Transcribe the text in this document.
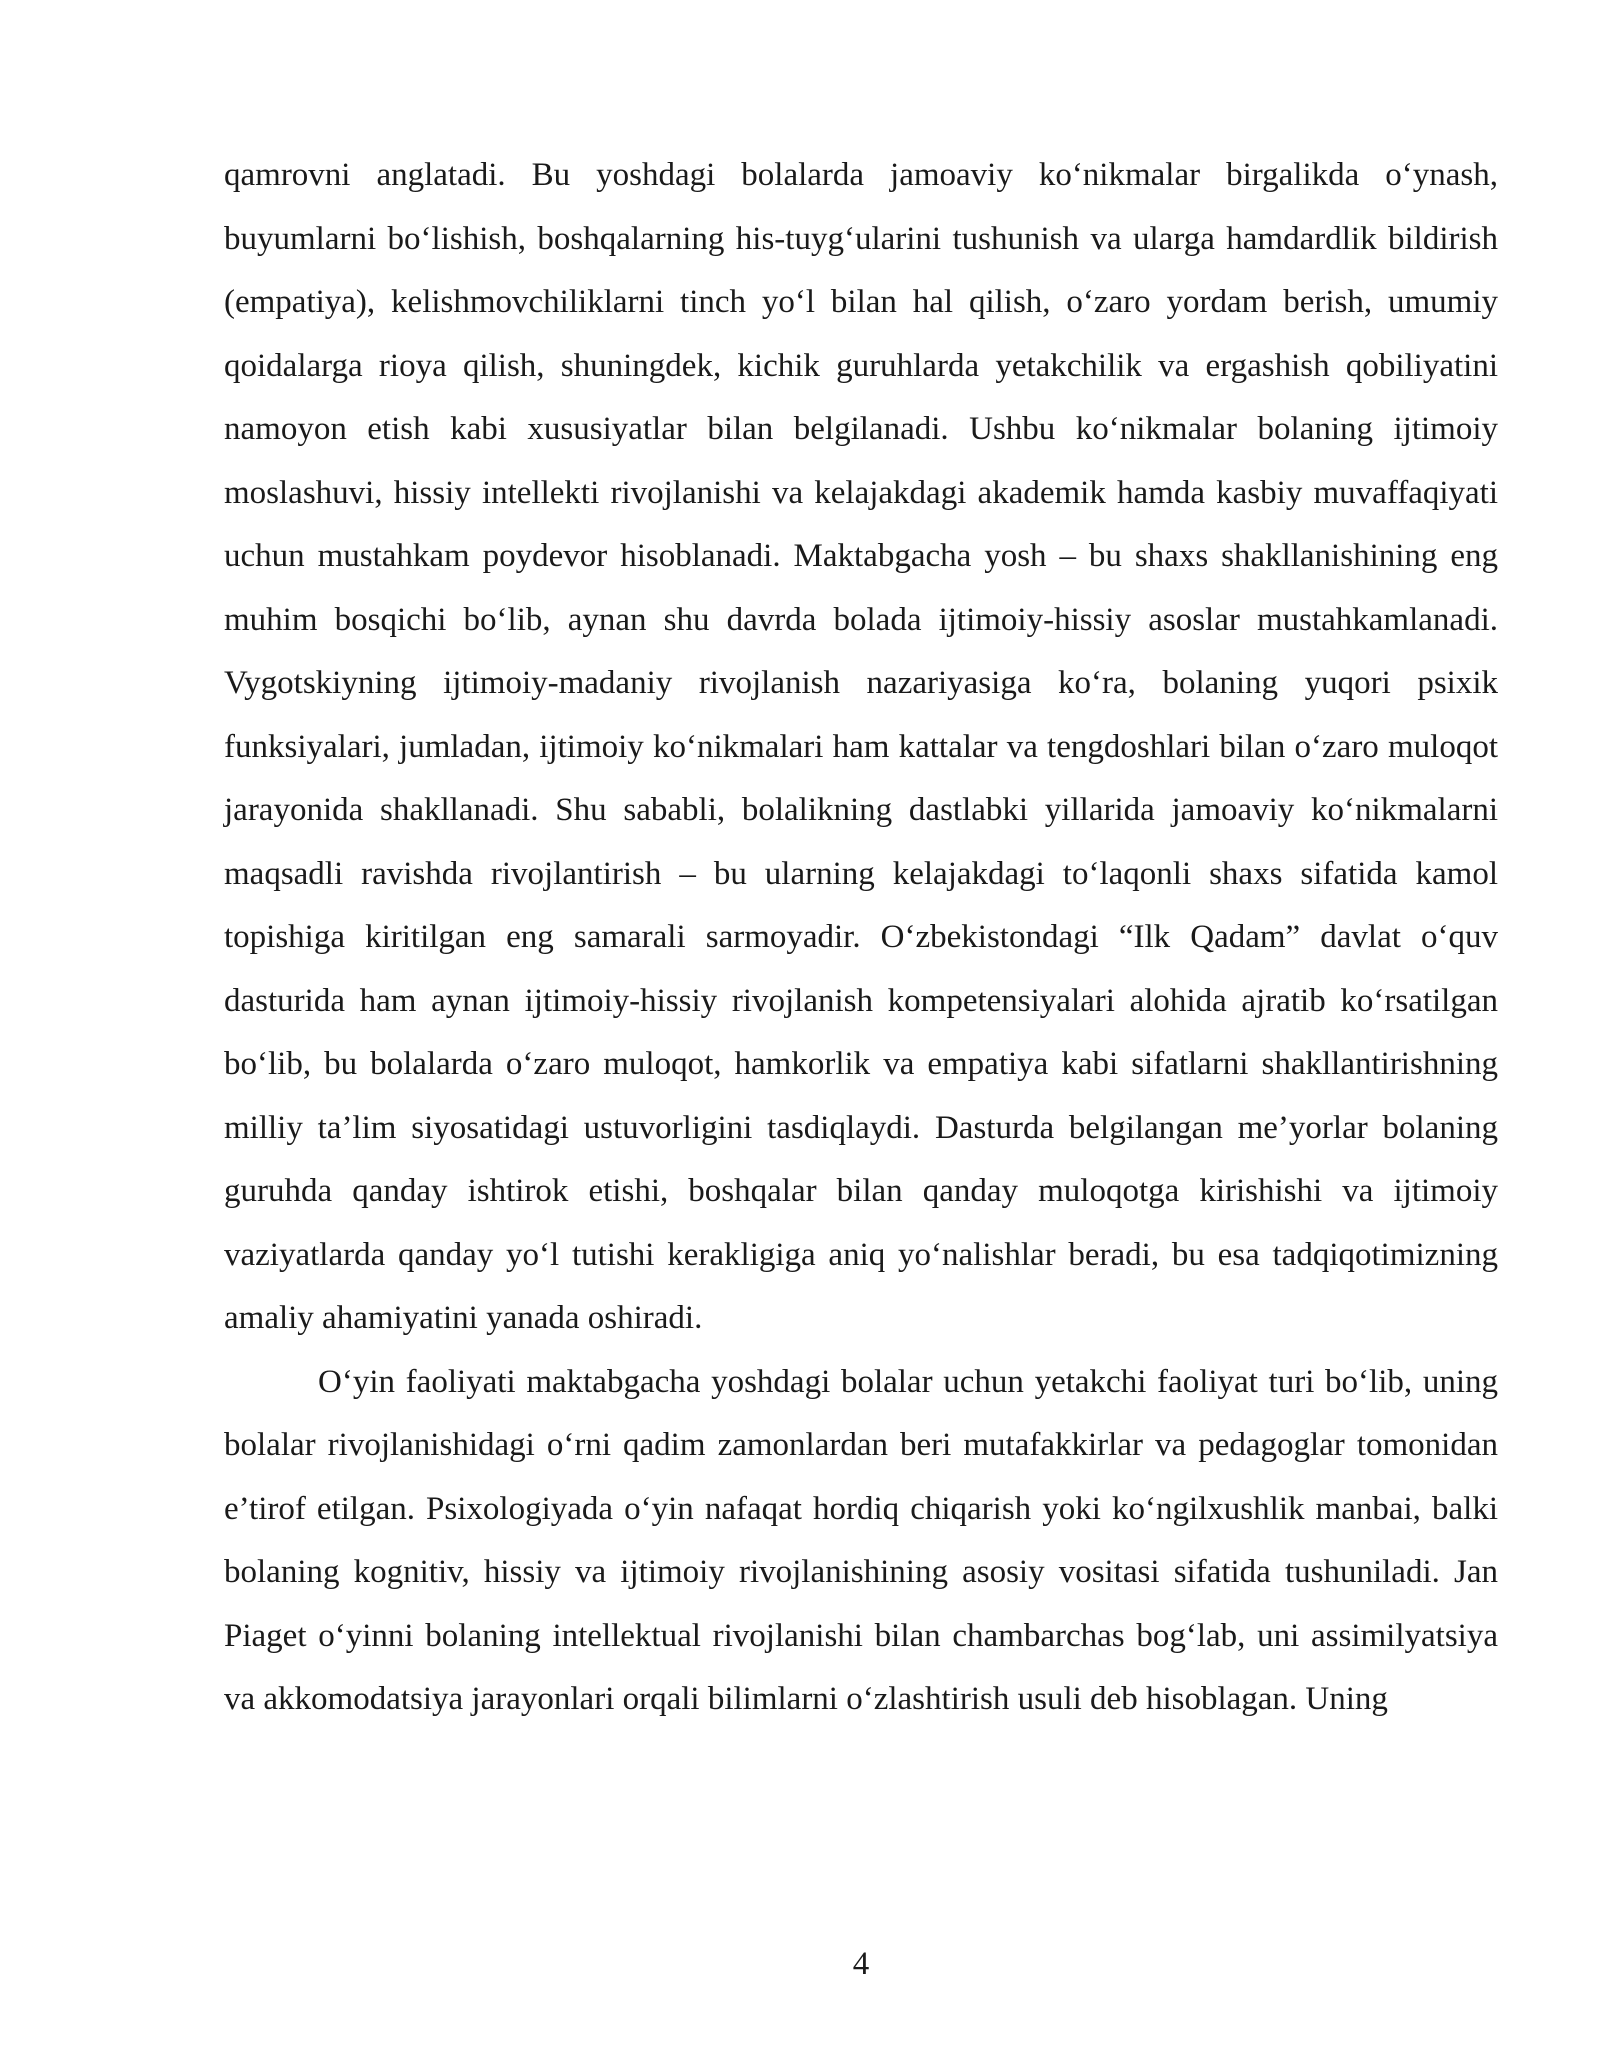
qamrovni anglatadi. Bu yoshdagi bolalarda jamoaviy ko‘nikmalar birgalikda o‘ynash, buyumlarni bo‘lishish, boshqalarning his-tuyg‘ularini tushunish va ularga hamdardlik bildirish (empatiya), kelishmovchiliklarni tinch yo‘l bilan hal qilish, o‘zaro yordam berish, umumiy qoidalarga rioya qilish, shuningdek, kichik guruhlarda yetakchilik va ergashish qobiliyatini namoyon etish kabi xususiyatlar bilan belgilanadi. Ushbu ko‘nikmalar bolaning ijtimoiy moslashuvi, hissiy intellekti rivojlanishi va kelajakdagi akademik hamda kasbiy muvaffaqiyati uchun mustahkam poydevor hisoblanadi. Maktabgacha yosh – bu shaxs shakllanishining eng muhim bosqichi bo‘lib, aynan shu davrda bolada ijtimoiy-hissiy asoslar mustahkamlanadi. Vygotskiyning ijtimoiy-madaniy rivojlanish nazariyasiga ko‘ra, bolaning yuqori psixik funksiyalari, jumladan, ijtimoiy ko‘nikmalari ham kattalar va tengdoshlari bilan o‘zaro muloqot jarayonida shakllanadi. Shu sababli, bolalikning dastlabki yillarida jamoaviy ko‘nikmalarni maqsadli ravishda rivojlantirish – bu ularning kelajakdagi to‘laqonli shaxs sifatida kamol topishiga kiritilgan eng samarali sarmoyadir. O‘zbekistondagi “Ilk Qadam” davlat o‘quv dasturida ham aynan ijtimoiy-hissiy rivojlanish kompetensiyalari alohida ajratib ko‘rsatilgan bo‘lib, bu bolalarda o‘zaro muloqot, hamkorlik va empatiya kabi sifatlarni shakllantirishning milliy ta’lim siyosatidagi ustuvorligini tasdiqlaydi. Dasturda belgilangan me’yorlar bolaning guruhda qanday ishtirok etishi, boshqalar bilan qanday muloqotga kirishishi va ijtimoiy vaziyatlarda qanday yo‘l tutishi kerakligiga aniq yo‘nalishlar beradi, bu esa tadqiqotimizning amaliy ahamiyatini yanada oshiradi.

O‘yin faoliyati maktabgacha yoshdagi bolalar uchun yetakchi faoliyat turi bo‘lib, uning bolalar rivojlanishidagi o‘rni qadim zamonlardan beri mutafakkirlar va pedagoglar tomonidan e’tirof etilgan. Psixologiyada o‘yin nafaqat hordiq chiqarish yoki ko‘ngilxushlik manbai, balki bolaning kognitiv, hissiy va ijtimoiy rivojlanishining asosiy vositasi sifatida tushuniladi. Jan Piaget o‘yinni bolaning intellektual rivojlanishi bilan chambarchas bog‘lab, uni assimilyatsiya va akkomodatsiya jarayonlari orqali bilimlarni o‘zlashtirish usuli deb hisoblagan. Uning

4
